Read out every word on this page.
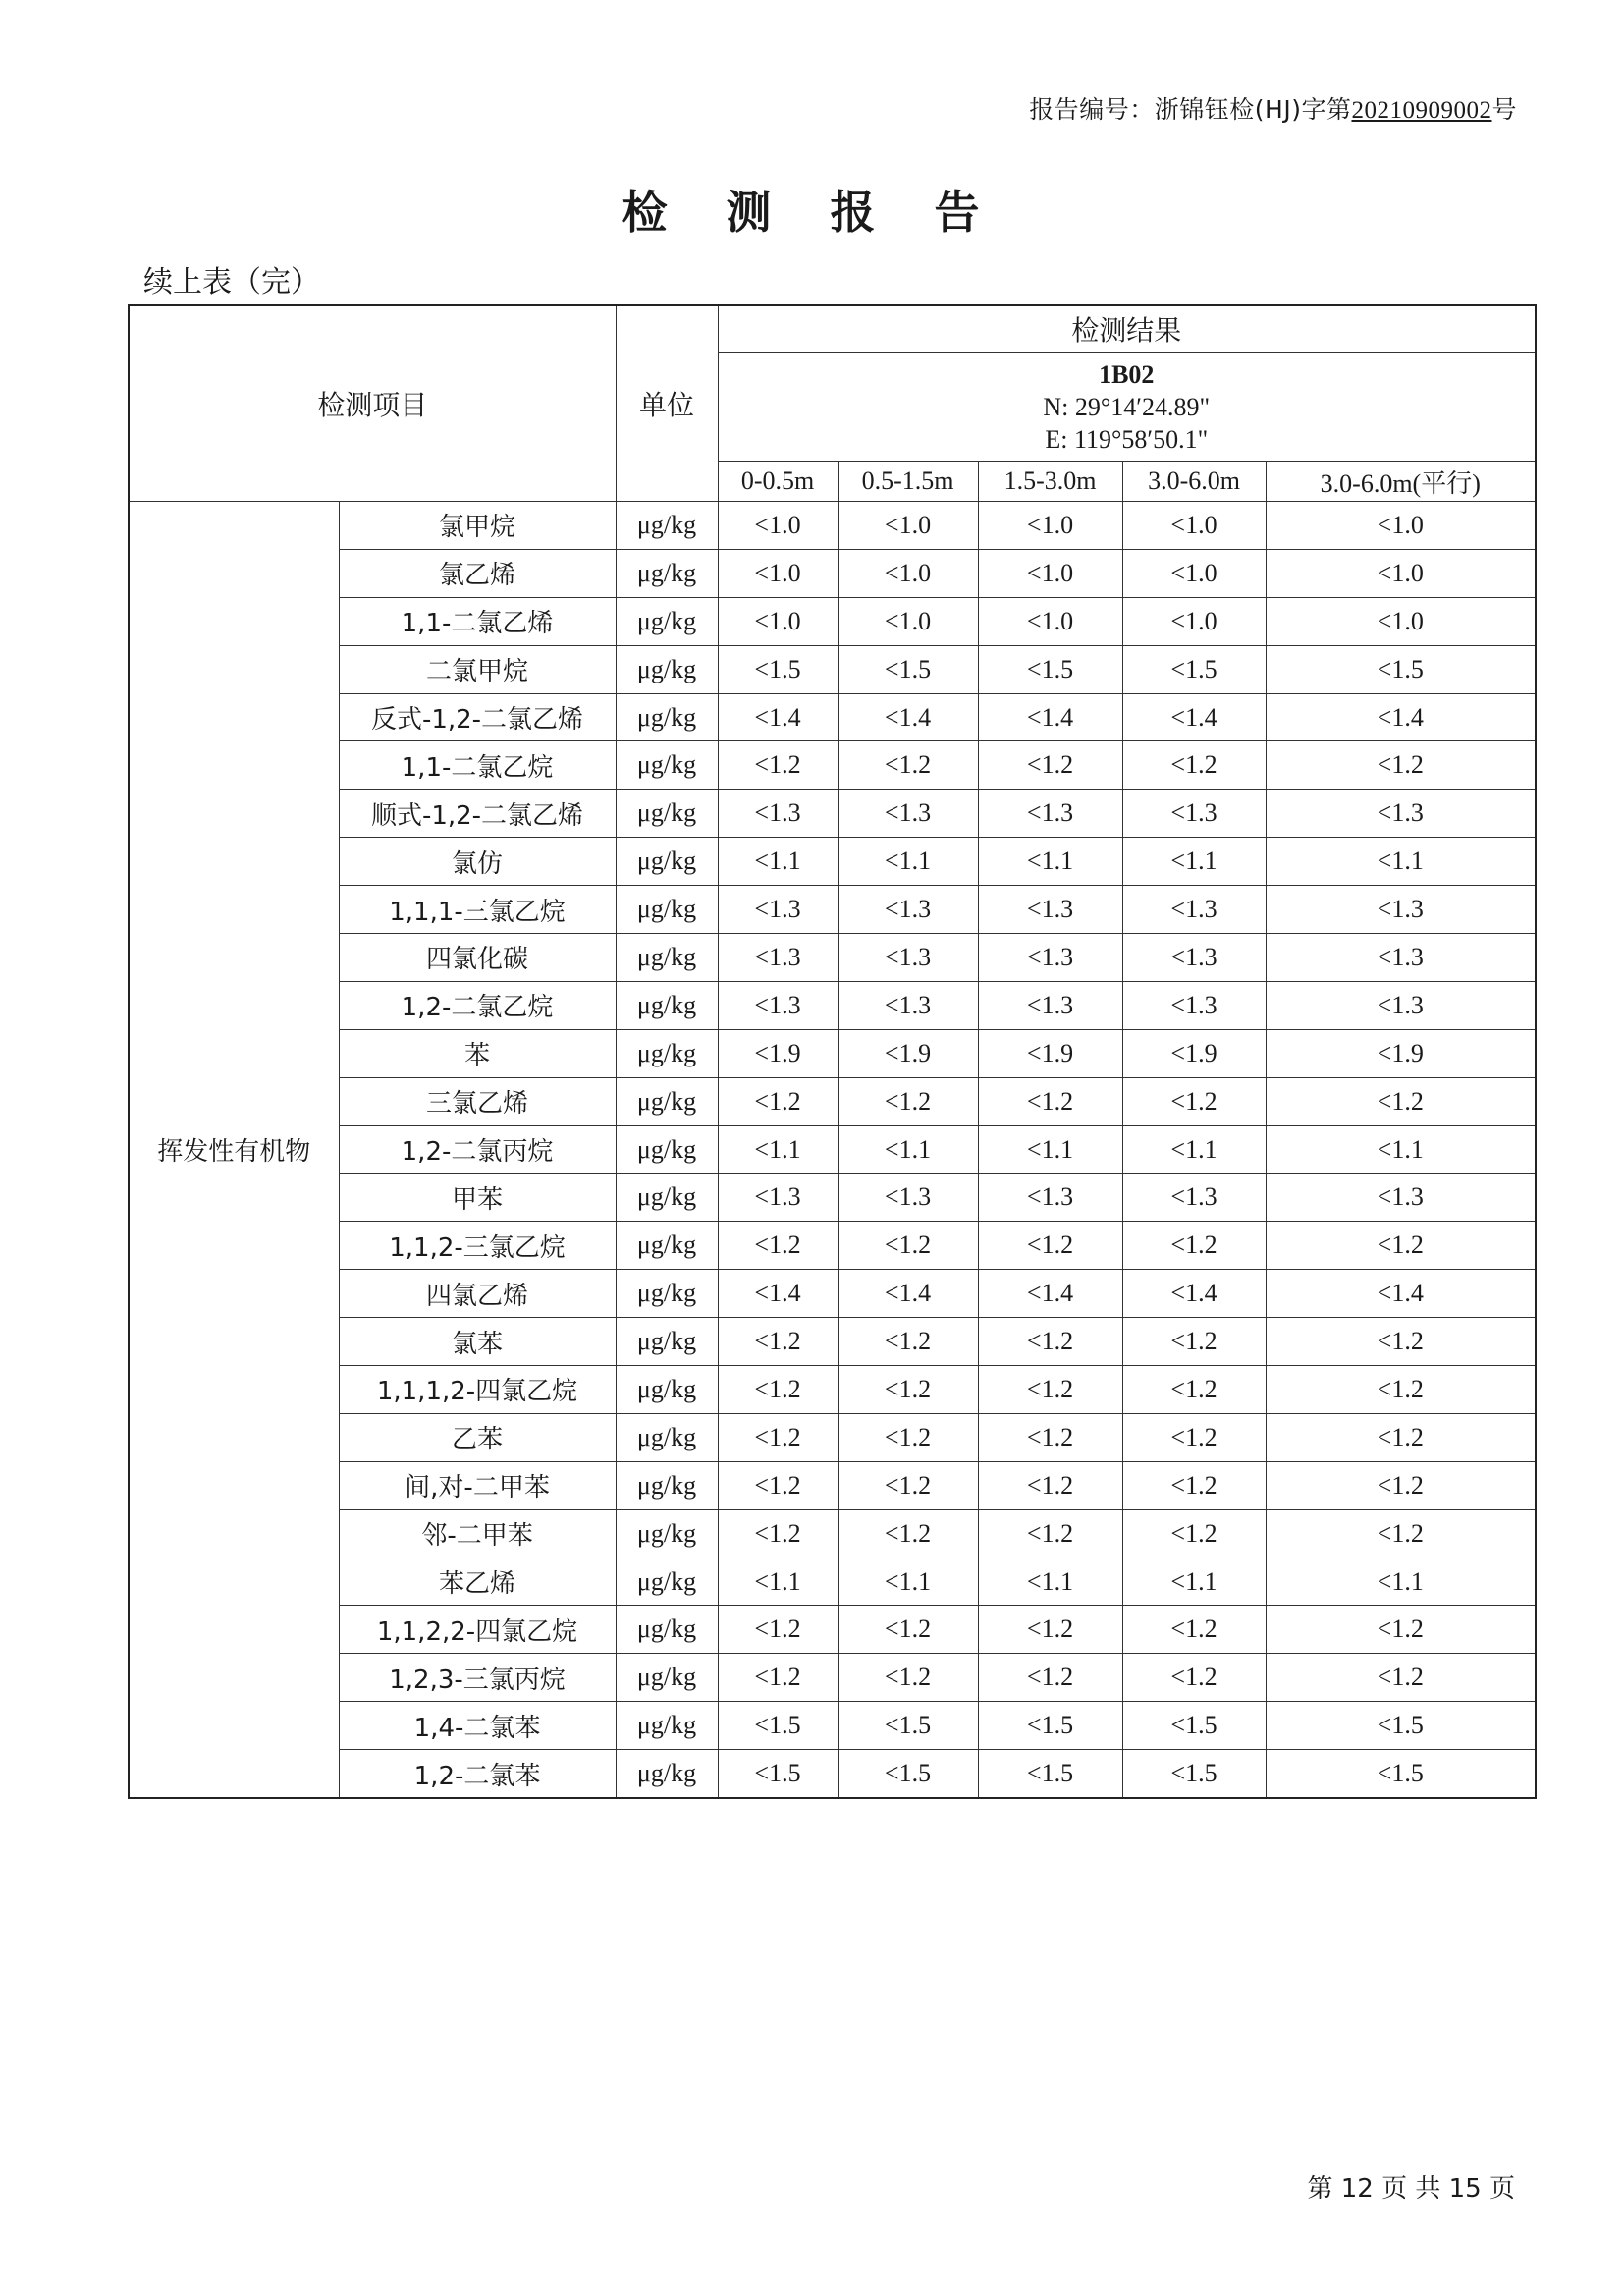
报告编号：浙锦钰检(HJ)字第20210909002号
检 测 报 告
续上表（完）
检测项目		单位	检测结果				

			1B02
N: 29°14′24.89"
E: 119°58′50.1"				

			0-0.5m	0.5-1.5m	1.5-3.0m	3.0-6.0m	3.0-6.0m(平行)
挥发性有机物	氯甲烷	μg/kg	<1.0	<1.0	<1.0	<1.0	<1.0
	氯乙烯	μg/kg	<1.0	<1.0	<1.0	<1.0	<1.0
	1,1-二氯乙烯	μg/kg	<1.0	<1.0	<1.0	<1.0	<1.0
	二氯甲烷	μg/kg	<1.5	<1.5	<1.5	<1.5	<1.5
	反式-1,2-二氯乙烯	μg/kg	<1.4	<1.4	<1.4	<1.4	<1.4
	1,1-二氯乙烷	μg/kg	<1.2	<1.2	<1.2	<1.2	<1.2
	顺式-1,2-二氯乙烯	μg/kg	<1.3	<1.3	<1.3	<1.3	<1.3
	氯仿	μg/kg	<1.1	<1.1	<1.1	<1.1	<1.1
	1,1,1-三氯乙烷	μg/kg	<1.3	<1.3	<1.3	<1.3	<1.3
	四氯化碳	μg/kg	<1.3	<1.3	<1.3	<1.3	<1.3
	1,2-二氯乙烷	μg/kg	<1.3	<1.3	<1.3	<1.3	<1.3
	苯	μg/kg	<1.9	<1.9	<1.9	<1.9	<1.9
	三氯乙烯	μg/kg	<1.2	<1.2	<1.2	<1.2	<1.2
	1,2-二氯丙烷	μg/kg	<1.1	<1.1	<1.1	<1.1	<1.1
	甲苯	μg/kg	<1.3	<1.3	<1.3	<1.3	<1.3
	1,1,2-三氯乙烷	μg/kg	<1.2	<1.2	<1.2	<1.2	<1.2
	四氯乙烯	μg/kg	<1.4	<1.4	<1.4	<1.4	<1.4
	氯苯	μg/kg	<1.2	<1.2	<1.2	<1.2	<1.2
	1,1,1,2-四氯乙烷	μg/kg	<1.2	<1.2	<1.2	<1.2	<1.2
	乙苯	μg/kg	<1.2	<1.2	<1.2	<1.2	<1.2
	间,对-二甲苯	μg/kg	<1.2	<1.2	<1.2	<1.2	<1.2
	邻-二甲苯	μg/kg	<1.2	<1.2	<1.2	<1.2	<1.2
	苯乙烯	μg/kg	<1.1	<1.1	<1.1	<1.1	<1.1
	1,1,2,2-四氯乙烷	μg/kg	<1.2	<1.2	<1.2	<1.2	<1.2
	1,2,3-三氯丙烷	μg/kg	<1.2	<1.2	<1.2	<1.2	<1.2
	1,4-二氯苯	μg/kg	<1.5	<1.5	<1.5	<1.5	<1.5
	1,2-二氯苯	μg/kg	<1.5	<1.5	<1.5	<1.5	<1.5
第 12 页 共 15 页
